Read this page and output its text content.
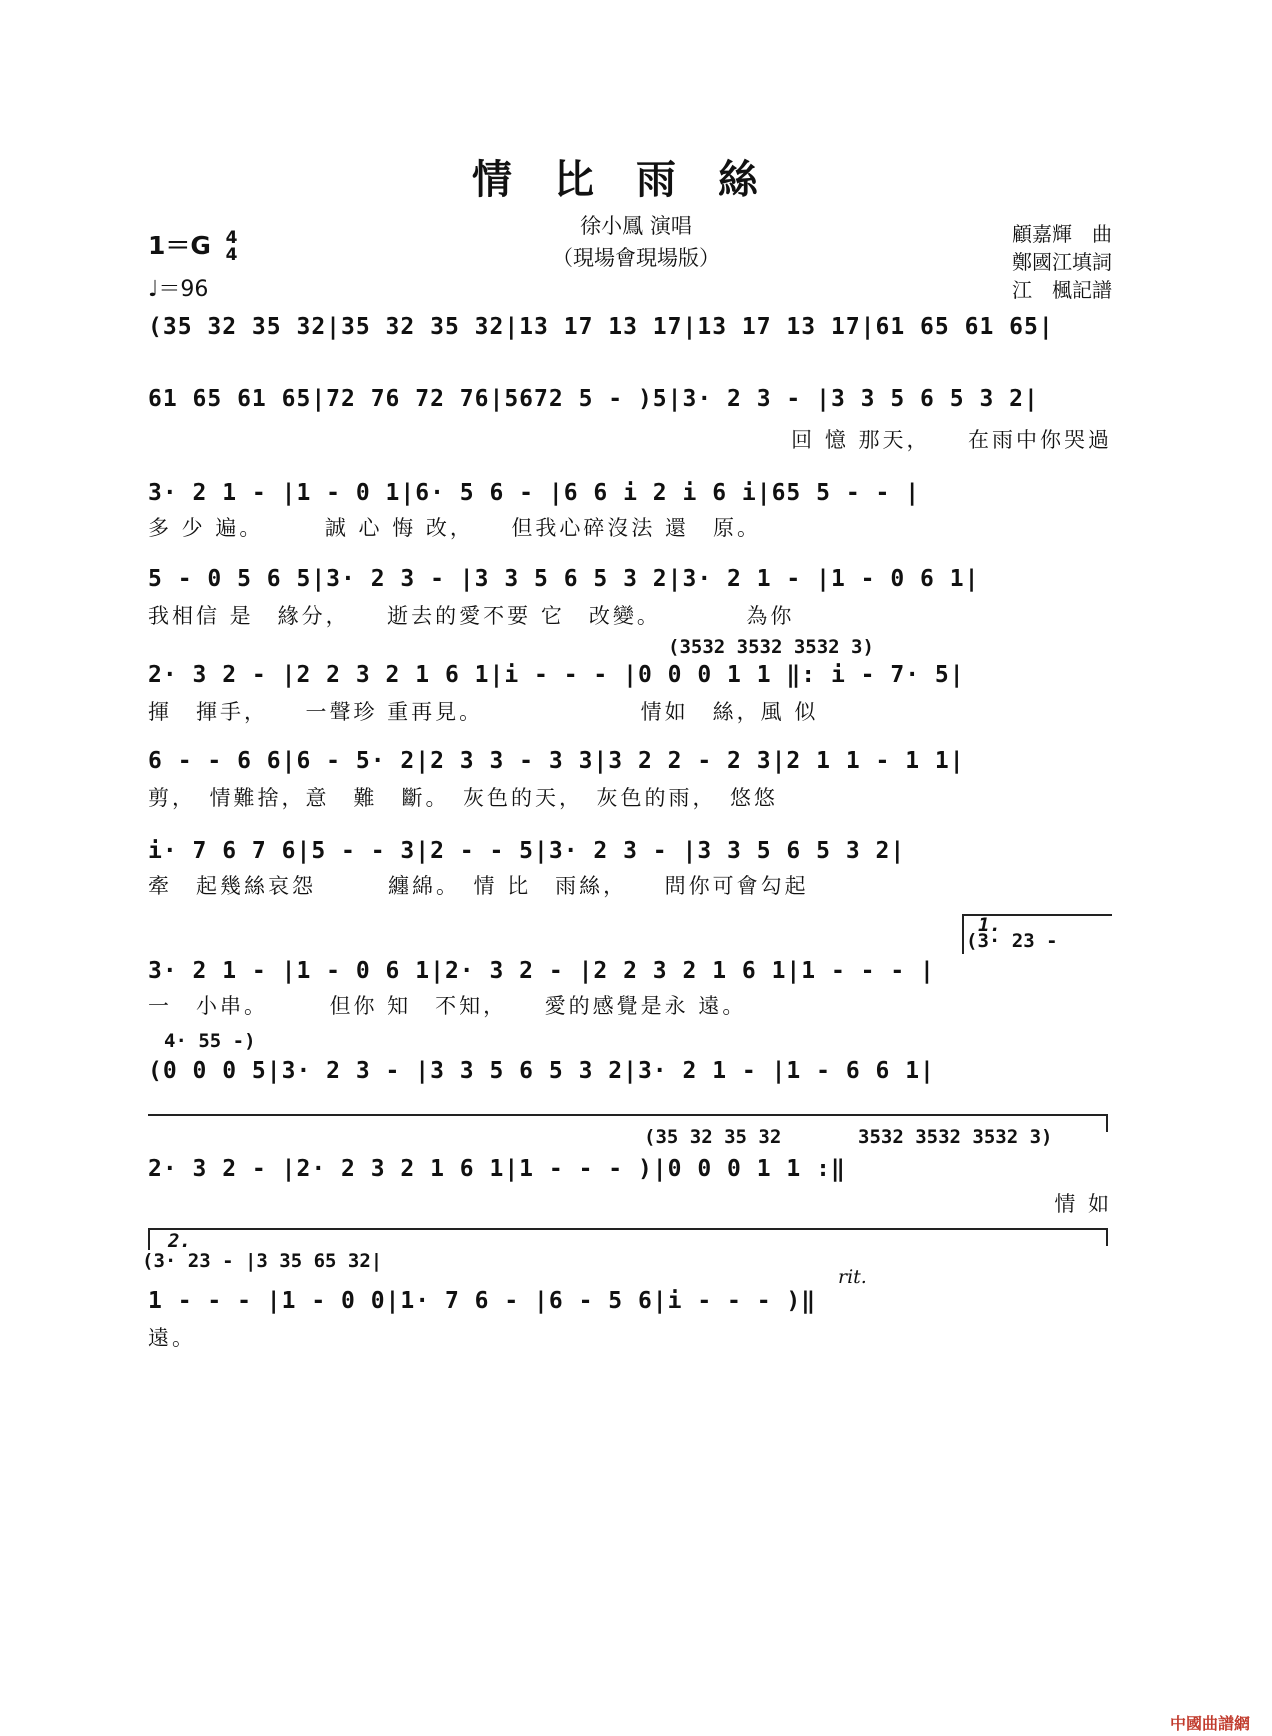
情比雨絲
1＝G 4
4
♩＝96
徐小鳳 演唱
（現場會現場版）
顧嘉輝　曲
鄭國江填詞
江　楓記譜
(35 32 35 32|35 32 35 32|13 17 13 17|13 17 13 17|61 65 61 65|
61 65 61 65|72 76 72 76|5672 5 - )5|3· 2 3 - |3 3 5 6 5 3 2|
回 憶 那天，　　在雨中你哭過
3· 2 1 - |1 - 0 1|6· 5 6 - |6 6 i 2 i 6 i|65 5 - - |
多 少 遍。　　　誠 心 悔 改，　　但我心碎沒法 還　原。
5 - 0 5 6 5|3· 2 3 - |3 3 5 6 5 3 2|3· 2 1 - |1 - 0 6 1|
我相信 是　緣分，　　逝去的愛不要 它　改變。　　　　為你
(3532 3532 3532 3)
2· 3 2 - |2 2 3 2 1 6 1|i - - - |0 0 0 1 1 ‖: i - 7· 5|
揮　揮手，　　一聲珍 重再見。　　　　　　　情如　絲，風 似
6 - - 6 6|6 - 5· 2|2 3 3 - 3 3|3 2 2 - 2 3|2 1 1 - 1 1|
剪，　情難捨，意　難　斷。　灰色的天，　灰色的雨，　悠悠
i· 7 6 7 6|5 - - 3|2 - - 5|3· 2 3 - |3 3 5 6 5 3 2|
牽　起幾絲哀怨　　　纏綿。　情 比　雨絲，　　問你可會勾起
1.
(3· 23 -
3· 2 1 - |1 - 0 6 1|2· 3 2 - |2 2 3 2 1 6 1|1 - - - |
一　小串。　　　但你 知　不知，　　愛的感覺是永 遠。
4· 55 -)
(0 0 0 5|3· 2 3 - |3 3 5 6 5 3 2|3· 2 1 - |1 - 6 6 1|
(35 32 35 32	3532 3532 3532 3)
2· 3 2 - |2· 2 3 2 1 6 1|1 - - - )|0 0 0 1 1 :‖
情 如
2.
(3· 23 - |3 35 65 32|
rit.
1 - - - |1 - 0 0|1· 7 6 - |6 - 5 6|i - - - )‖
遠。
中國曲譜網
